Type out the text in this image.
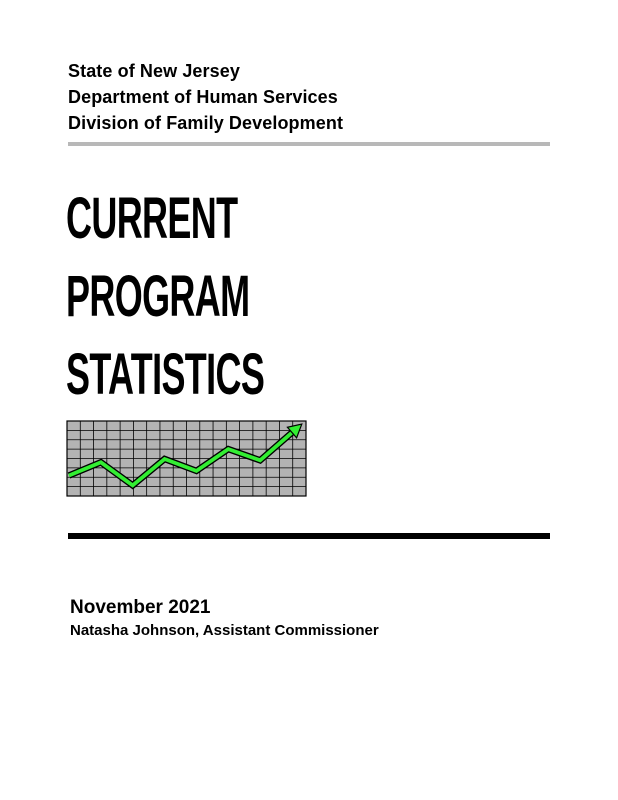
State of New Jersey
Department of Human Services
Division of Family Development
CURRENT
PROGRAM
STATISTICS
November 2021
Natasha Johnson, Assistant Commissioner
